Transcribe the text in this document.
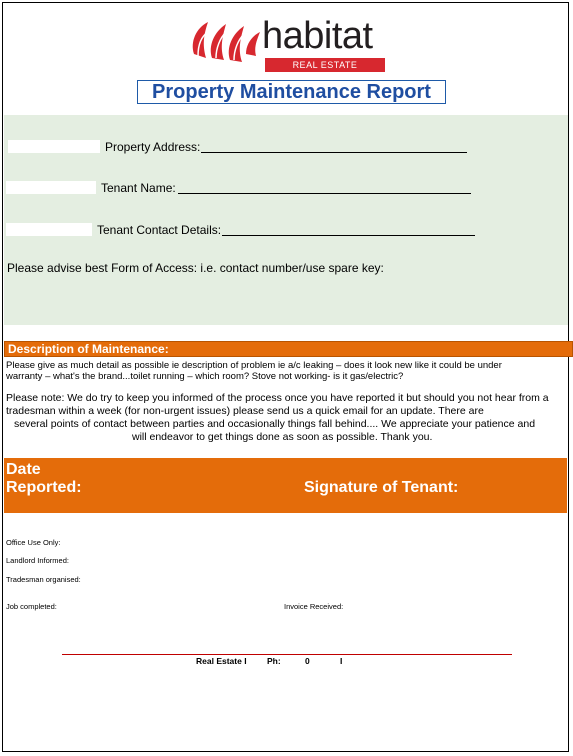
habitat
REAL ESTATE
Property Maintenance Report
Property Address:
Tenant Name:
Tenant Contact Details:
Please advise best Form of Access: i.e. contact number/use spare key:
Description of Maintenance:
Please give as much detail as possible ie description of problem ie a/c leaking – does it look new like it could be under
warranty – what's the brand...toilet running – which room? Stove not working- is it gas/electric?
Please note: We do try to keep you informed of the process once you have reported it but should you not hear from a
tradesman within a week (for non-urgent issues) please send us a quick email for an update. There are
several points of contact between parties and occasionally things fall behind.... We appreciate your patience and
will endeavor to get things done as soon as possible. Thank you.
Date
Reported:	Signature of Tenant:
Office Use Only:
Landlord Informed:
Tradesman organised:
Job completed:	Invoice Received:
Real Estate I Ph:	0	I
